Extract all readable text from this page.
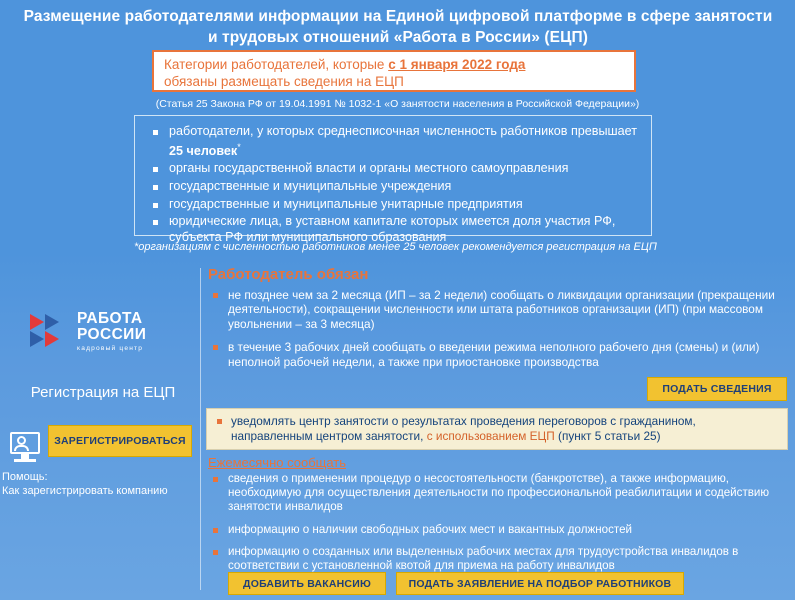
Размещение работодателями информации на Единой цифровой платформе в сфере занятости и трудовых отношений «Работа в России» (ЕЦП)
Категории работодателей, которые с 1 января 2022 года
обязаны размещать сведения на ЕЦП
(Статья 25 Закона РФ от 19.04.1991 № 1032-1 «О занятости населения в Российской Федерации»)
работодатели, у которых среднесписочная численность работников превышает 25 человек*
органы государственной власти и органы местного самоуправления
государственные и муниципальные учреждения
государственные и муниципальные унитарные предприятия
юридические лица, в уставном капитале которых имеется доля участия РФ, субъекта РФ или муниципального образования
*организациям с численностью работников менее 25 человек рекомендуется регистрация на ЕЦП
РАБОТА
РОССИИ
кадровый центр
Регистрация на ЕЦП
ЗАРЕГИСТРИРОВАТЬСЯ
Помощь:
Как зарегистрировать компанию
Работодатель обязан
не позднее чем за 2 месяца (ИП – за 2 недели) сообщать о ликвидации организации (прекращении деятельности), сокращении численности или штата работников организации (ИП) (при массовом увольнении – за 3 месяца)
в течение 3 рабочих дней сообщать о введении режима неполного рабочего дня (смены) и (или) неполной рабочей недели, а также при приостановке производства
ПОДАТЬ СВЕДЕНИЯ
уведомлять центр занятости о результатах проведения переговоров с гражданином, направленным центром занятости, с использованием ЕЦП (пункт 5 статьи 25)
Ежемесячно сообщать
сведения о применении процедур о несостоятельности (банкротстве), а также информацию, необходимую для осуществления деятельности по профессиональной реабилитации и содействию занятости инвалидов
информацию о наличии свободных рабочих мест и вакантных должностей
информацию о созданных или выделенных рабочих местах для трудоустройства инвалидов в соответствии с установленной квотой для приема на работу инвалидов
ДОБАВИТЬ ВАКАНСИЮ	ПОДАТЬ ЗАЯВЛЕНИЕ НА ПОДБОР РАБОТНИКОВ
